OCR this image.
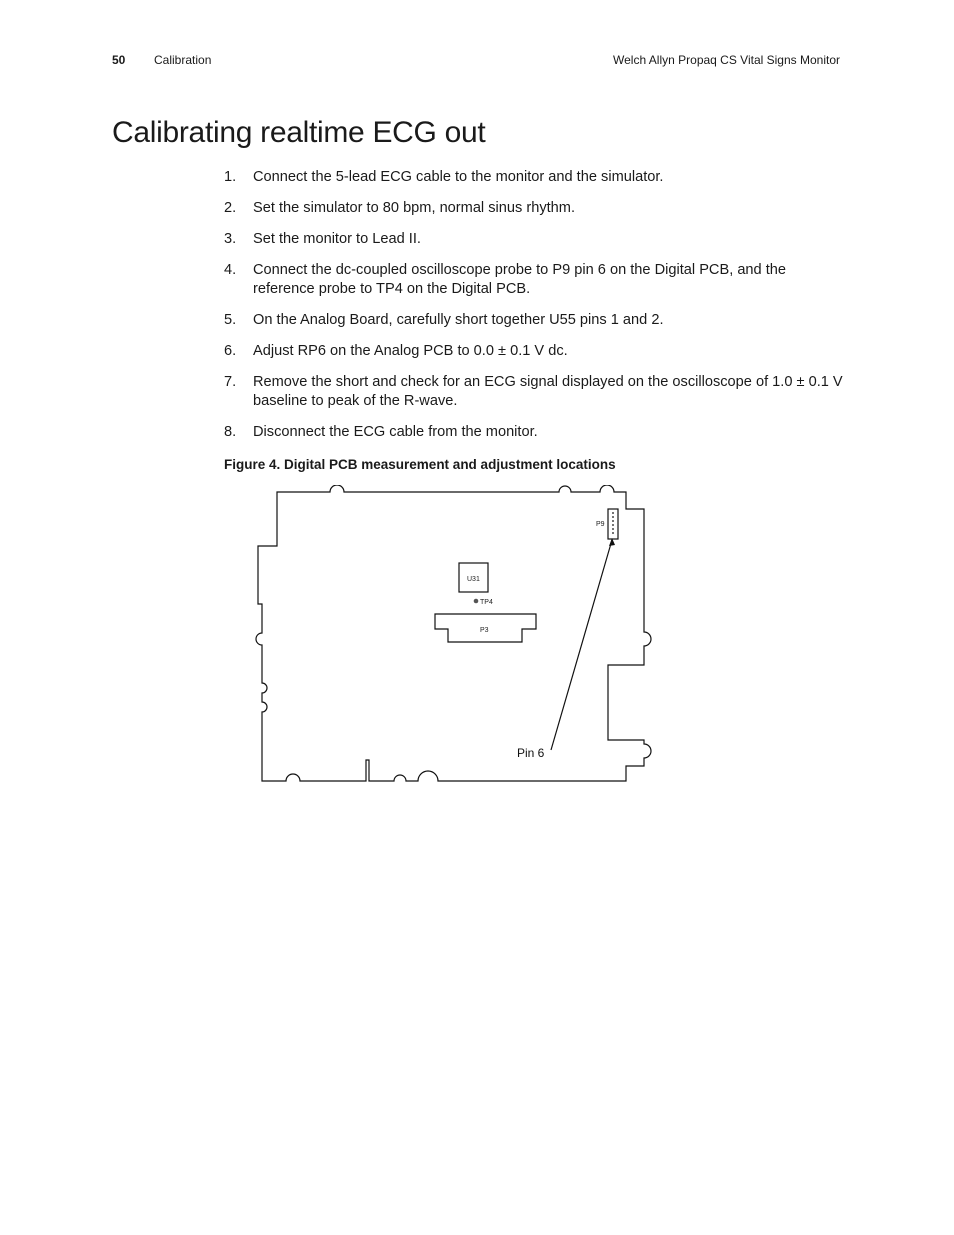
50 Calibration	Welch Allyn Propaq CS Vital Signs Monitor
Calibrating realtime ECG out
1. Connect the 5-lead ECG cable to the monitor and the simulator.
2. Set the simulator to 80 bpm, normal sinus rhythm.
3. Set the monitor to Lead II.
4. Connect the dc-coupled oscilloscope probe to P9 pin 6 on the Digital PCB, and the reference probe to TP4 on the Digital PCB.
5. On the Analog Board, carefully short together U55 pins 1 and 2.
6. Adjust RP6 on the Analog PCB to 0.0 ± 0.1 V dc.
7. Remove the short and check for an ECG signal displayed on the oscilloscope of 1.0 ± 0.1 V baseline to peak of the R-wave.
8. Disconnect the ECG cable from the monitor.
Figure 4. Digital PCB measurement and adjustment locations
P9
U31
TP4
P3
Pin 6
